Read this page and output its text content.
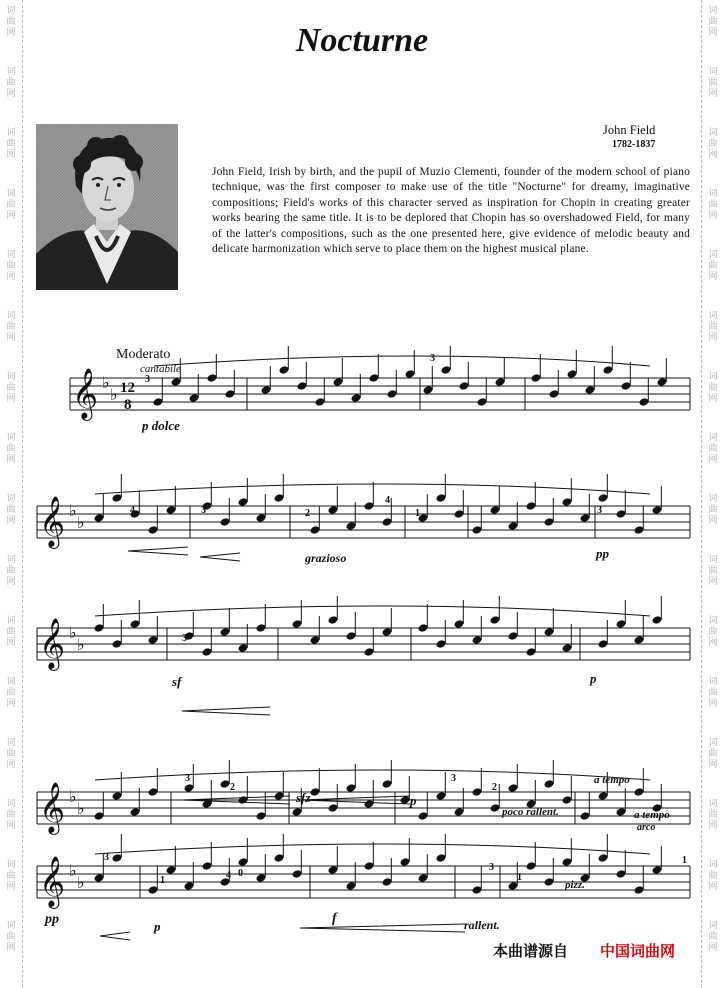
词
曲
网
词
曲
网
词
曲
网
词
曲
网
词
曲
网
词
曲
网
词
曲
网
词
曲
网
词
曲
网
词
曲
网
词
曲
网
词
曲
网
词
曲
网
词
曲
网
词
曲
网
词
曲
网
词
曲
网
词
曲
网
词
曲
网
词
曲
网
词
曲
网
词
曲
网
词
曲
网
词
曲
网
词
曲
网
词
曲
网
词
曲
网
词
曲
网
词
曲
网
词
曲
网
词
曲
网
词
曲
网
Nocturne
John Field
1782-1837
John Field, Irish by birth, and the pupil of Muzio Clementi, founder of the modern school of piano technique, was the first composer to make use of the title "Nocturne" for dreamy, imaginative compositions; Field's works of this character served as inspiration for Chopin in creating greater works bearing the same title. It is to be deplored that Chopin has so overshadowed Field, for many of the latter's compositions, such as the one presented here, give evidence of melodic beauty and delicate harmonization which serve to place them on the highest musical plane.
𝄞 ♭
♭
𝄞 ♭
♭
𝄞 ♭
♭
𝄞 ♭
♭
𝄞 ♭
♭
12
8
Moderato
cantabile
p dolce
grazioso	pp
sf	p
sfz	p
poco rallent.
a tempo
a tempo
arco
pp	p
f	rallent.
pizz.
3
3
4	3	2
4
1	3
3
3
2
3
2
3
1	4 0
3
1
1
本曲谱源自 中国词曲网
